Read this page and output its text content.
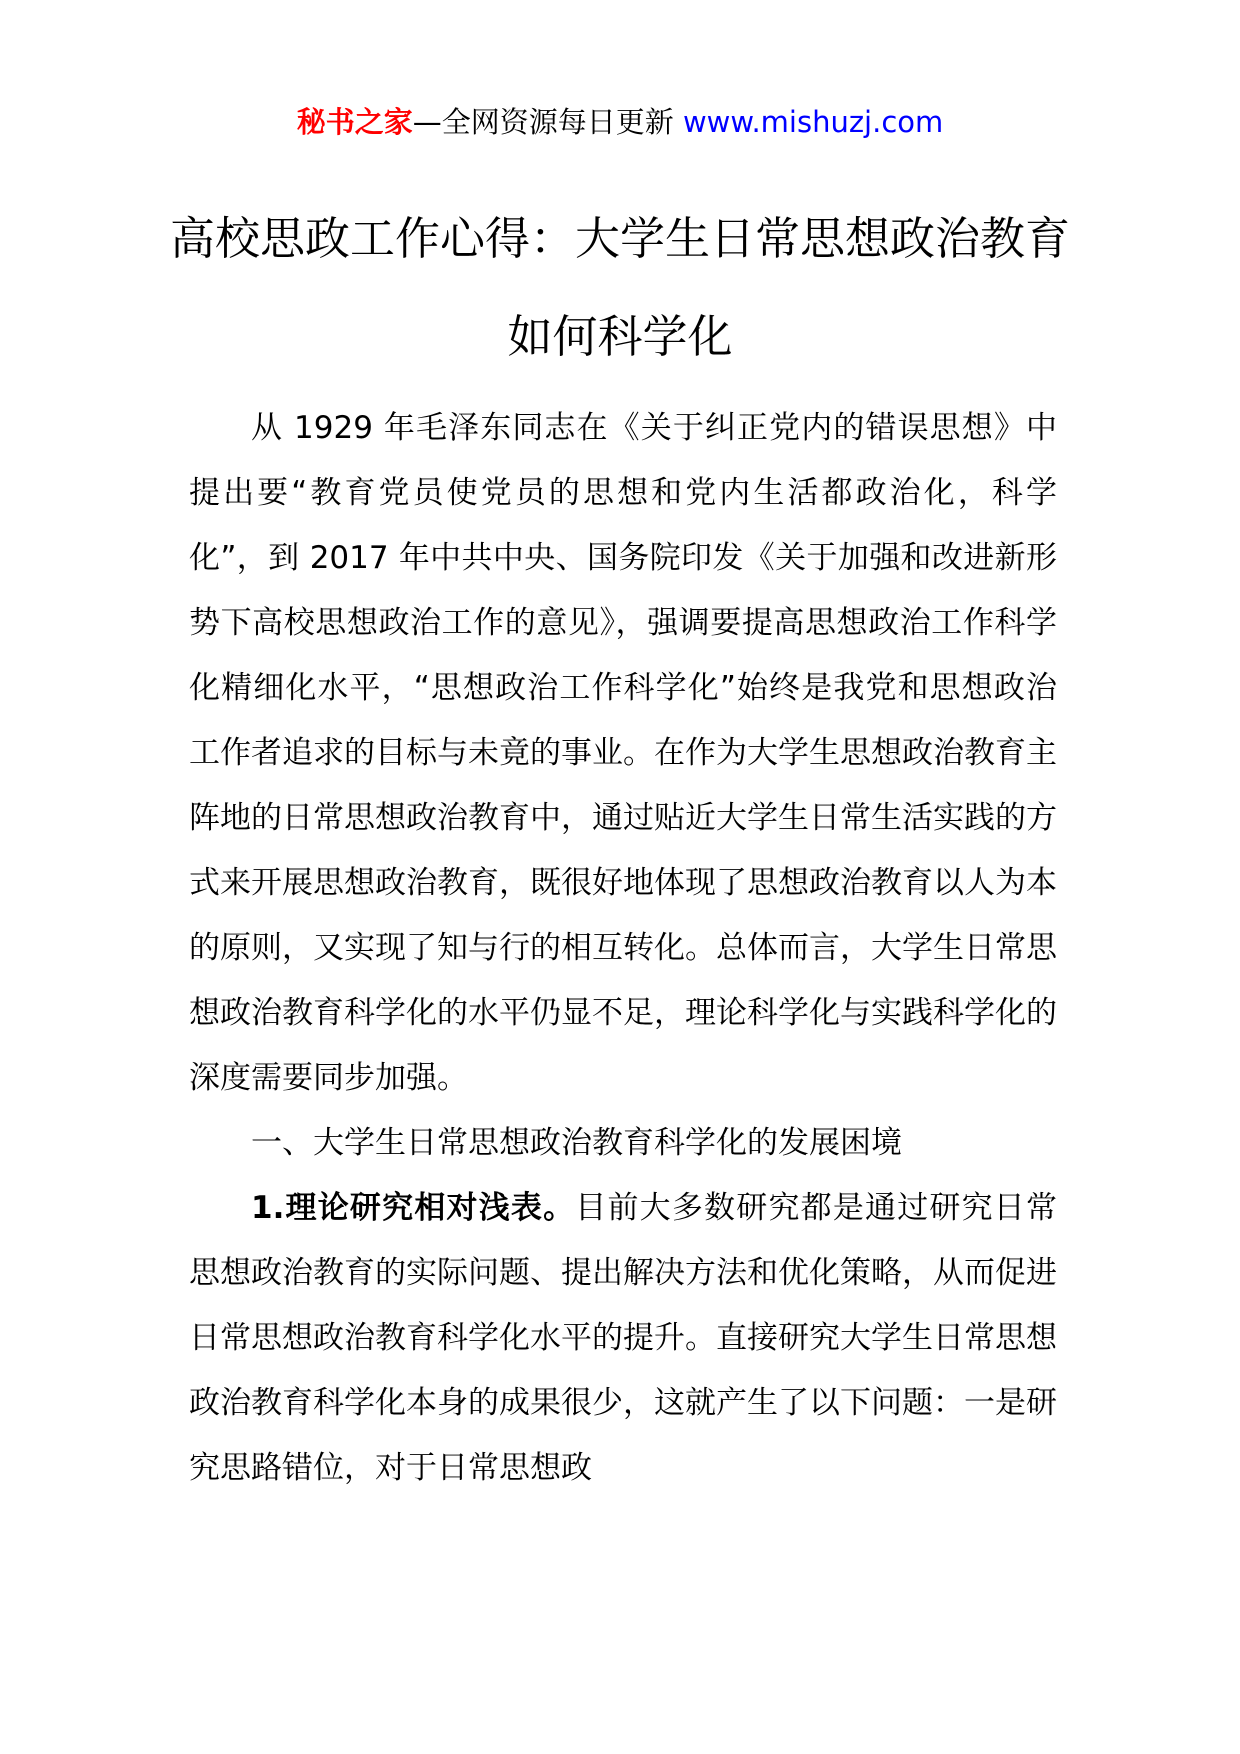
秘书之家—全网资源每日更新 www.mishuzj.com
高校思政工作心得：大学生日常思想政治教育如何科学化

从 1929 年毛泽东同志在《关于纠正党内的错误思想》中提出要“教育党员使党员的思想和党内生活都政治化，科学化”，到 2017 年中共中央、国务院印发《关于加强和改进新形势下高校思想政治工作的意见》，强调要提高思想政治工作科学化精细化水平，“思想政治工作科学化”始终是我党和思想政治工作者追求的目标与未竟的事业。在作为大学生思想政治教育主阵地的日常思想政治教育中，通过贴近大学生日常生活实践的方式来开展思想政治教育，既很好地体现了思想政治教育以人为本的原则，又实现了知与行的相互转化。总体而言，大学生日常思想政治教育科学化的水平仍显不足，理论科学化与实践科学化的深度需要同步加强。

一、大学生日常思想政治教育科学化的发展困境

1.理论研究相对浅表。目前大多数研究都是通过研究日常思想政治教育的实际问题、提出解决方法和优化策略，从而促进日常思想政治教育科学化水平的提升。直接研究大学生日常思想政治教育科学化本身的成果很少，这就产生了以下问题：一是研究思路错位，对于日常思想政
